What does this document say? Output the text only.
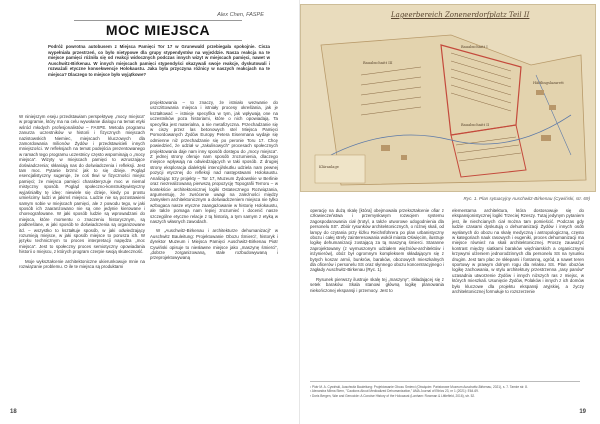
Alex Chen, FASPE
MOC MIEJSCA
Podróż powrotna autobusem z Miejsca Pamięci Tor 17 w Grunewald przebiegała spokojnie. Cisza wypełniała przestrzeń, co było nietypowe dla grupy stypendystów na wyjeździe. Nasza reakcja na te miejsce pamięci różniła się od reakcji widocznych podczas innych wizyt w miejscach pamięci, nawet w Auschwitz-Birkenau. W innych miejscach pamięci stypendyści okazywali swoje reakcje, dyskutowali i rozważali etyczne konsekwencje Holokaustu. Jaka była przyczyna różnicy w naszych reakcjach na te miejsca? Dlaczego to miejsce było wyjątkowe?

W niniejszym eseju przedstawiam perspektywę „mocy miejsca” w programie, który ma na celu wywołanie dialogu na temat etyki wśród młodych profesjonalistów – FASPE. Metoda programu zanurza uczestników w historii i fizycznych miejscach nazistowskich Niemiec, miejscach kluczowych dla zamordowania milionów Żydów i przedstawicieli innych mniejszości. W refleksjach na temat podejścia prezentowanego w ramach tego programu uczestnicy często wspominają o „mocy miejsca”. Wizyty w miejscach pamięci to wzruszające doświadczenia; skłaniają nas do doświadczenia i refleksji. Jest tam moc. Pytanie brzmi: jak to się dzieje. Pogląd esencjalistyczny sugeruje, że coś tkwi w fizyczności miejsc pamięci; że miejsca pamięci charakteryzuje moc w niemal mistyczny sposób. Pogląd społeczno-konstruktywistyczny wyjaśniałby tę ideę: niewiele się dzieje, kiedy po prostu umieścimy ludzi w jakimś miejscu. Ludzie nie są pozostawieni samym sobie w miejscach pamięci, ale z powodu tego, w jaki sposób ich zaaranżowano nie są one jedynie kierowane i choreografowane. W jaki sposób ludzie są wprowadzani do miejsca, które momentu o znaczeniu historycznym, są podkreślane, w jaki sposób te doświadczenia są organizowane itd. – wszystko to kształtuje sposób, w jaki odwiedzający rozumieją miejsce, w jaki sposób miejsce to porusza ich. W języku technicznym to proces interpretacji napędza „moc miejsca”. Jest to społeczny proces semiotyczny opowiadania historii o miejscu, z których program czerpie swoją skuteczność.

Moje wykształcenie architektoniczne ukierunkowuje mnie na rozwiązanie problemu. O ile te miejsca są produktami

projektowania – to znaczy, że istniało wezwanie do uszczittowania miejsca i istniały procesy określania, jak je kształtować – istnieje specyfika w tym, jak wpływają one na uczestników poza historiami, które o nich opowiadają. Ta specyfika jest materialna, a nie metafizyczna. Przechadzanie się w ciszy przez las betonowych stel Miejsca Pamięci Pomordowanych Żydów Europy Petera Eisenmana wydaje się odmienne niż przechadzanie się po peronie Toru 17. Chcę powiedzieć, że udział w „zakulisowych” procesach społecznych projektowania daje nam inny sposób dostępu do „mocy miejsca”. Z jednej strony oferuje nam sposób zrozumienia, dlaczego miejsce wpływają na odwiedzających w taki sposób. Z drugiej strony eksploracja dialektyki intencji/skutku udziela nam pewnej pozycji etycznej do refleksji nad następstwami Holokaustu. Analizując trzy projekty – Tor 17, Muzeum Żydowskie w Berlinie oraz niezrealizowaną pierwszą propozycję Topografii Terroru – w kontekście architektonicznej logiki Ostatecznego Rozwiązania, argumentuję, że zwrócenie uwagi na zależności między zamysłem architektonicznym a doświadczeniem miejsca nie tylko wzbogaca nasze etyczne zaangażowanie w historię Holokaustu, ale także pomaga nam lepiej zrozumieć i docenić nasze szczególne etyczne relacje z tą historią, a tym samym z etyką w naszych własnych zawodach.

W „Auschwitz-Birkenau i architekturze dehumanizacji” w Auschwitz Bauleitung: Projektowanie Obozu Śmierci', historyk i dyrektor Muzeum i Miejsca Pamięci Auschwitz-Birkenau Piotr Cywiński opisuje to niesławne miejsce jako „maszynę śmierci”, „dobrze zorganizowaną, stale rozbudowywaną i przeprojektowywaną

18
Lageerbereich Zonenerdorfplatz Teil II
Bauabschnitt I
Bauabschnitt II
Bauabschnitt III
Häftlingslazarett
Kläranlage
Ryc. 1. Plan sytuacyjny Auschwitz-Birkenau (Cywiński, str. 69)

operację na dużą skalę [która] obejmowała przekształcenie ofiar z człowieczeństwa i przemysłowym rozwojem systemu zagospodarowania ciał (trotyl, a także utworowe udogodnienia dla personelu SS". Zbiór rysunków architektonicznych, o różnej skali, od lampy do czytania przy łóżku Reichsführera po plan urbanistyczny obozu i całej strefy zainteresowania wokół miasta Oświęcim, ilustruje logikę dehumanizacji zostającą za tą maszyną śmierci. Staranne zaprojektowany (z wymuszonym udziałem więźniów-architektów i inżynierów), obóz był ogromnym kompleksem składającym się z bytych koszar armii, bunkrów, baraków, obozowych mieszkalnych dla oficerów i personelu SS oraz słynnego obozu koncentracyjnego i zagłady Auschwitz-Birkenau (Ryc. 1).

Rysunek pierwszy ilustruje skalę tej „maszyny”, składającej się z setek baraków. Skala stanowi główną logikę planowania niekończonej ekspansji i przemocy. Jest to

elementarna architektura, która dostosowuje się do ekspansjonistycznej logiki Trzeciej Rzeszy. Tutaj jedynym pytaniem jest, ile niechcianych ciał można tam pomieścić. Podczas gdy ludzie czasami dyskutują o dehumanizacji Żydów i innych osób wysłanych do obozu na skalę medyczną i antropologiczną, często w kategoriach nauk rasowych i eugeniki, proces dehumanizacji ma miejsce również na skali architektonicznej. Proszę zauważyć kontrast między siatkami baraków więźniarskich a organicznymi krzywymi ulżeniem jednorodzinnych dla personelu SS na rysunku drugim. Jest tam plac ze skłepami i fontanną, ogród, a nawet teren sportowy w prawym dolnym rogu dla relaksu SS. Plan obozów logikę zachowania, w stylu architektury przestrzenna „rasy panów” uzasadnia utworzenie Żydów i innych niższych ras z miejsc, w których mieszkali. Usunięcie Żydów, Polaków i innych z ich domów było kluczowe dla projektu ekspansji aryjskiej, a życzy architektonicznej formułuje to rozszerzenie

¹ Piotr M. A. Cywiński, Auschwitz Bauleitung: Projektowanie Obozu Śmierci (Oświęcim: Państwowe Muzeum Auschwitz-Birkenau, 2021), s. 7. Tamże str. 8.
² Alexandra Mlima Stern, "Cautions About Medicalized Dehumanization," AMA Journal of Ethics 23, nr 1 (2021): E64-69.
³ Doris Bergen, War and Genocide: A Concise History of the Holocaust (Lanham: Rowman & Littlefield, 2016), str. 52.
19
